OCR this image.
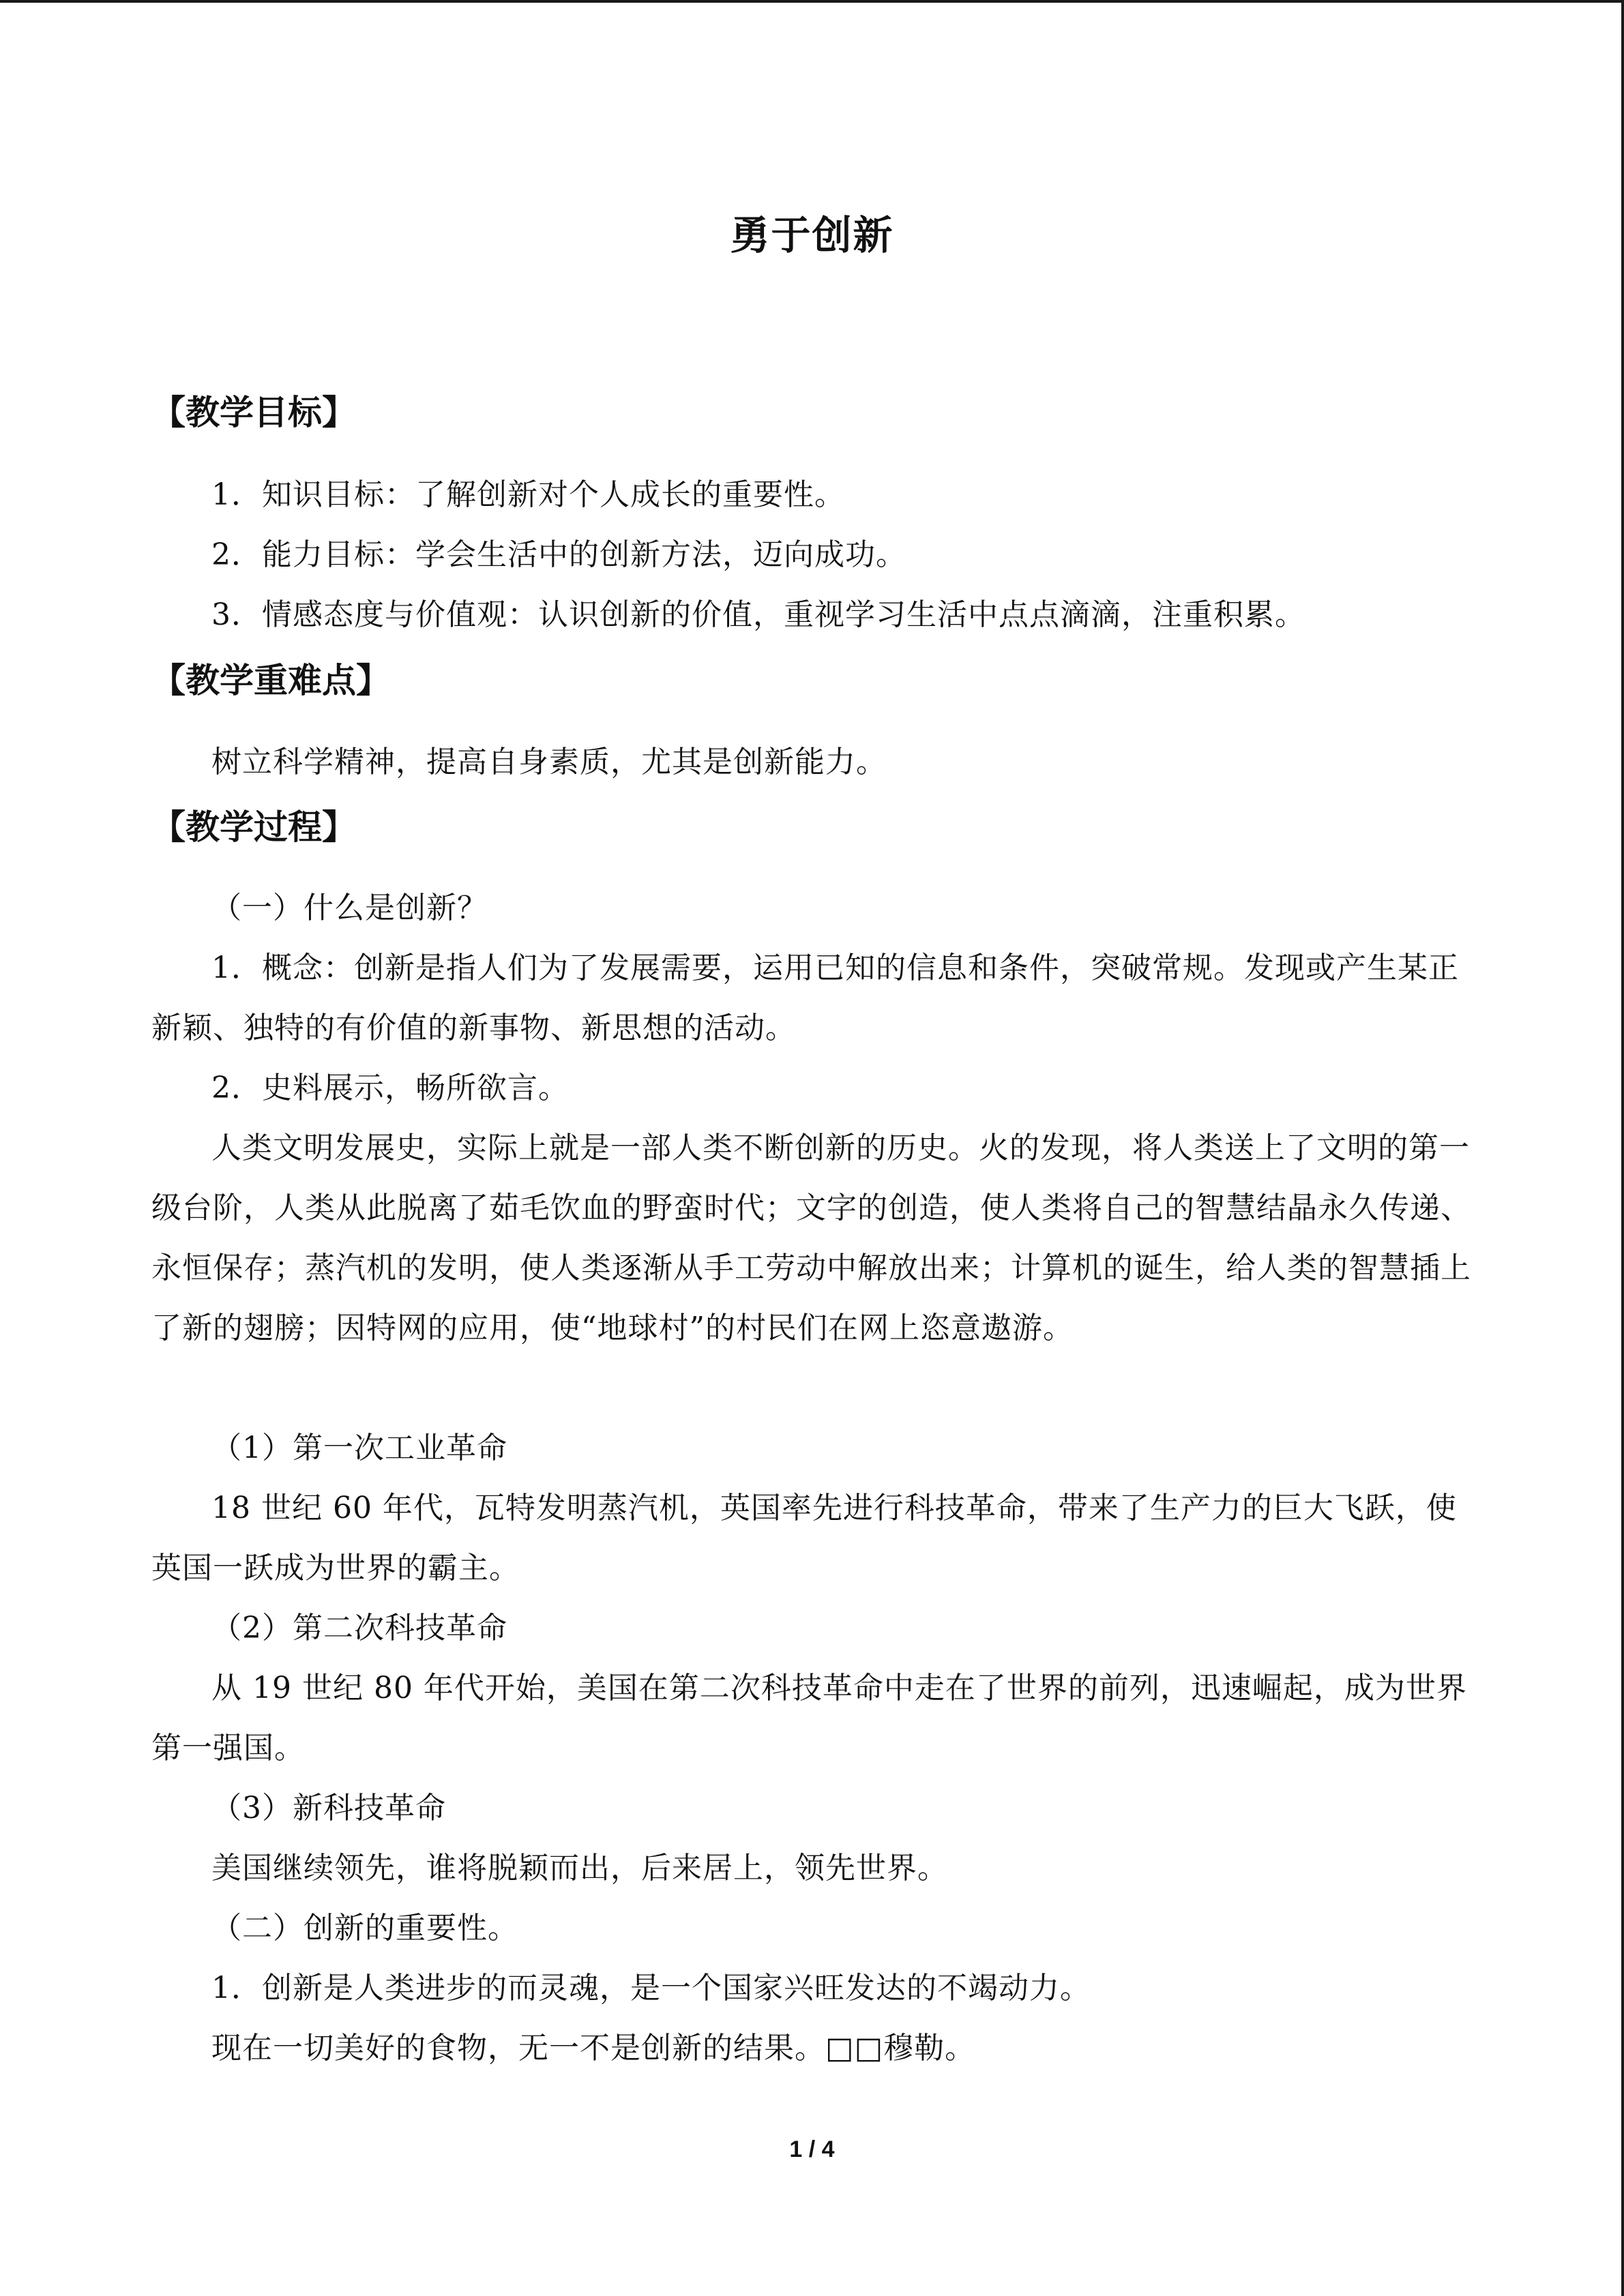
勇于创新
【教学目标】
1．知识目标：了解创新对个人成长的重要性。
2．能力目标：学会生活中的创新方法，迈向成功。
3．情感态度与价值观：认识创新的价值，重视学习生活中点点滴滴，注重积累。
【教学重难点】
树立科学精神，提高自身素质，尤其是创新能力。
【教学过程】
（一）什么是创新？
1．概念：创新是指人们为了发展需要，运用已知的信息和条件，突破常规。发现或产生某正新颖、独特的有价值的新事物、新思想的活动。
2．史料展示，畅所欲言。
人类文明发展史，实际上就是一部人类不断创新的历史。火的发现，将人类送上了文明的第一级台阶，人类从此脱离了茹毛饮血的野蛮时代；文字的创造，使人类将自己的智慧结晶永久传递、永恒保存；蒸汽机的发明，使人类逐渐从手工劳动中解放出来；计算机的诞生，给人类的智慧插上了新的翅膀；因特网的应用，使“地球村”的村民们在网上恣意遨游。
（1）第一次工业革命
18 世纪 60 年代，瓦特发明蒸汽机，英国率先进行科技革命，带来了生产力的巨大飞跃，使英国一跃成为世界的霸主。
（2）第二次科技革命
从 19 世纪 80 年代开始，美国在第二次科技革命中走在了世界的前列，迅速崛起，成为世界第一强国。
（3）新科技革命
美国继续领先，谁将脱颖而出，后来居上，领先世界。
（二）创新的重要性。
1．创新是人类进步的而灵魂，是一个国家兴旺发达的不竭动力。
现在一切美好的食物，无一不是创新的结果。□□穆勒。
1 / 4
